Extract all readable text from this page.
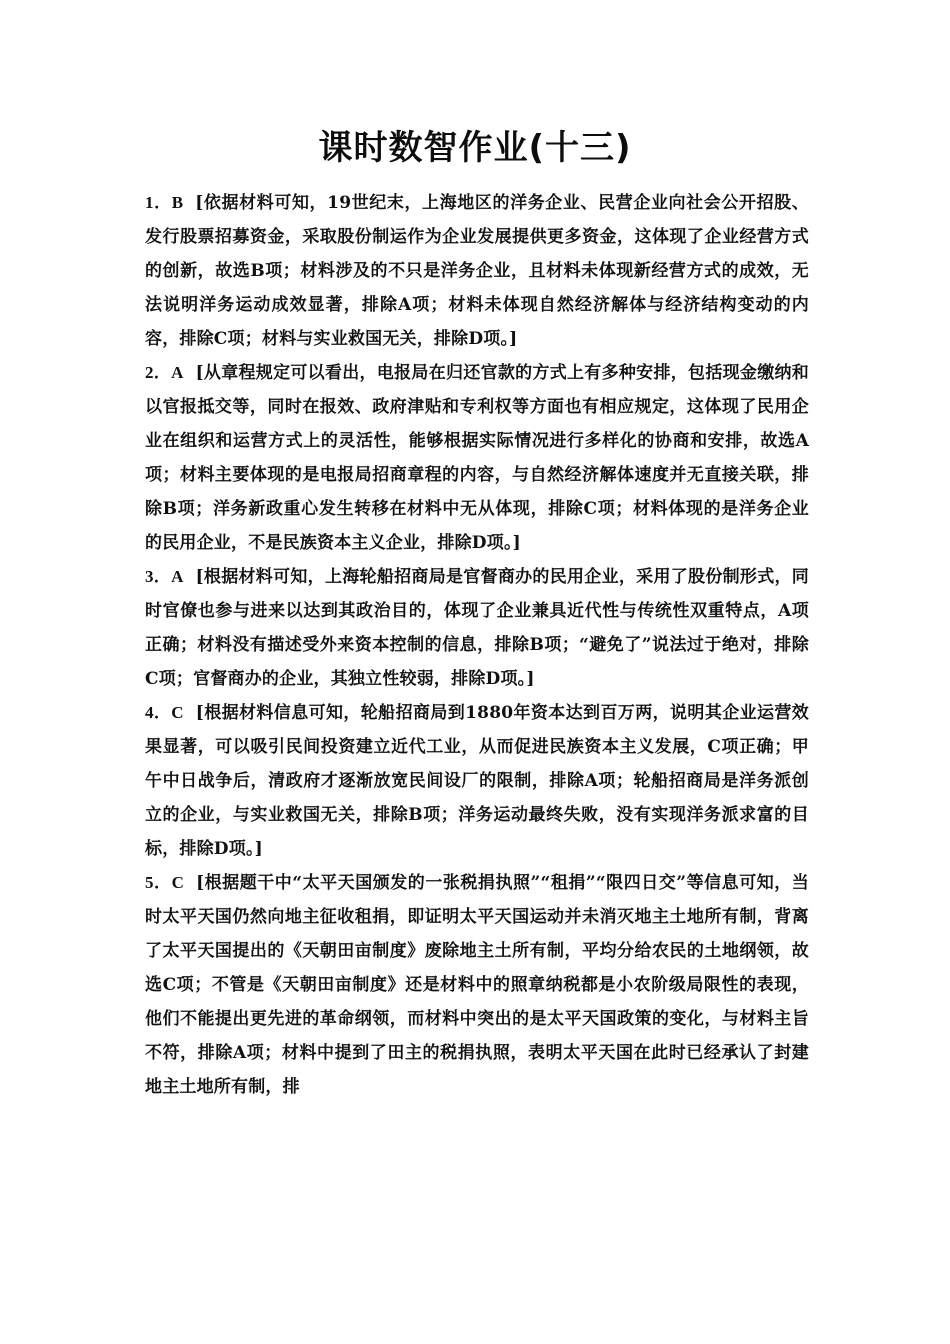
课时数智作业(十三)

1．B [依据材料可知，19世纪末，上海地区的洋务企业、民营企业向社会公开招股、发行股票招募资金，采取股份制运作为企业发展提供更多资金，这体现了企业经营方式的创新，故选B项；材料涉及的不只是洋务企业，且材料未体现新经营方式的成效，无法说明洋务运动成效显著，排除A项；材料未体现自然经济解体与经济结构变动的内容，排除C项；材料与实业救国无关，排除D项。]

2．A [从章程规定可以看出，电报局在归还官款的方式上有多种安排，包括现金缴纳和以官报抵交等，同时在报效、政府津贴和专利权等方面也有相应规定，这体现了民用企业在组织和运营方式上的灵活性，能够根据实际情况进行多样化的协商和安排，故选A项；材料主要体现的是电报局招商章程的内容，与自然经济解体速度并无直接关联，排除B项；洋务新政重心发生转移在材料中无从体现，排除C项；材料体现的是洋务企业的民用企业，不是民族资本主义企业，排除D项。]

3．A [根据材料可知，上海轮船招商局是官督商办的民用企业，采用了股份制形式，同时官僚也参与进来以达到其政治目的，体现了企业兼具近代性与传统性双重特点，A项正确；材料没有描述受外来资本控制的信息，排除B项；“避免了”说法过于绝对，排除C项；官督商办的企业，其独立性较弱，排除D项。]

4．C [根据材料信息可知，轮船招商局到1880年资本达到百万两，说明其企业运营效果显著，可以吸引民间投资建立近代工业，从而促进民族资本主义发展，C项正确；甲午中日战争后，清政府才逐渐放宽民间设厂的限制，排除A项；轮船招商局是洋务派创立的企业，与实业救国无关，排除B项；洋务运动最终失败，没有实现洋务派求富的目标，排除D项。]

5．C [根据题干中“太平天国颁发的一张税捐执照”“租捐”“限四日交”等信息可知，当时太平天国仍然向地主征收租捐，即证明太平天国运动并未消灭地主土地所有制，背离了太平天国提出的《天朝田亩制度》废除地主土所有制，平均分给农民的土地纲领，故选C项；不管是《天朝田亩制度》还是材料中的照章纳税都是小农阶级局限性的表现，他们不能提出更先进的革命纲领，而材料中突出的是太平天国政策的变化，与材料主旨不符，排除A项；材料中提到了田主的税捐执照，表明太平天国在此时已经承认了封建地主土地所有制，排
